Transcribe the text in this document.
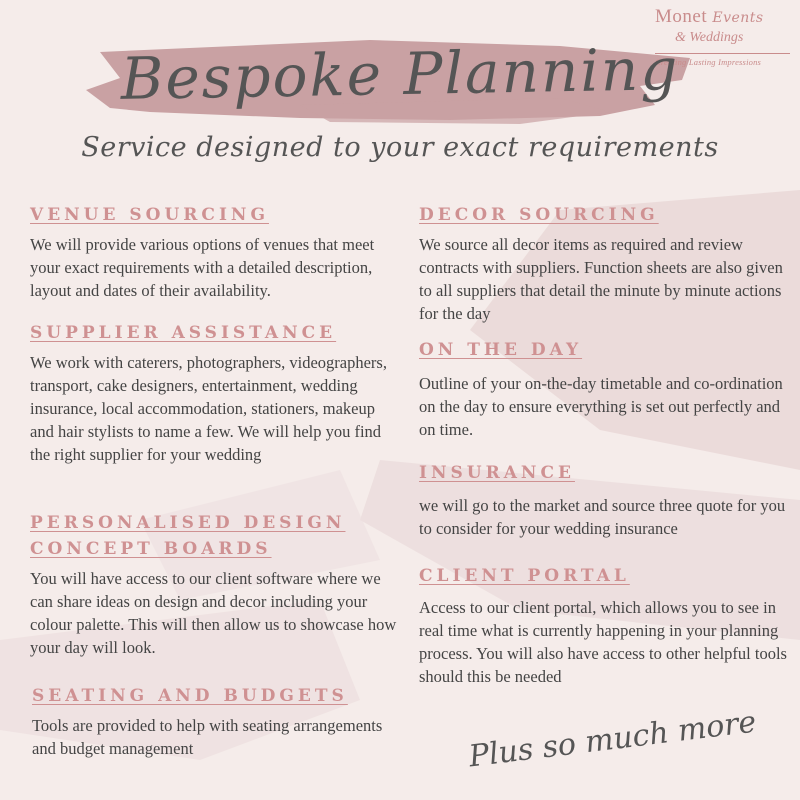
Monet Events
& Weddings
Creating Lasting Impressions
Bespoke Planning
Service designed to your exact requirements
VENUE SOURCING

We will provide various options of venues that meet your exact requirements with a detailed description, layout and dates of their availability.

SUPPLIER ASSISTANCE

We work with caterers, photographers, videographers, transport, cake designers, entertainment, wedding insurance, local accommodation, stationers, makeup and hair stylists to name a few. We will help you find the right supplier for your wedding

PERSONALISED DESIGN
CONCEPT BOARDS

You will have access to our client software where we can share ideas on design and decor including your colour palette. This will then allow us to showcase how your day will look.

SEATING AND BUDGETS

Tools are provided to help with seating arrangements and budget management

DECOR SOURCING

We source all decor items as required and review contracts with suppliers. Function sheets are also given to all suppliers that detail the minute by minute actions for the day

ON THE DAY

Outline of your on-the-day timetable and co-ordination on the day to ensure everything is set out perfectly and on time.

INSURANCE

we will go to the market and source three quote for you to consider for your wedding insurance

CLIENT PORTAL

Access to our client portal, which allows you to see in real time what is currently happening in your planning process. You will also have access to other helpful tools should this be needed

Plus so much more
